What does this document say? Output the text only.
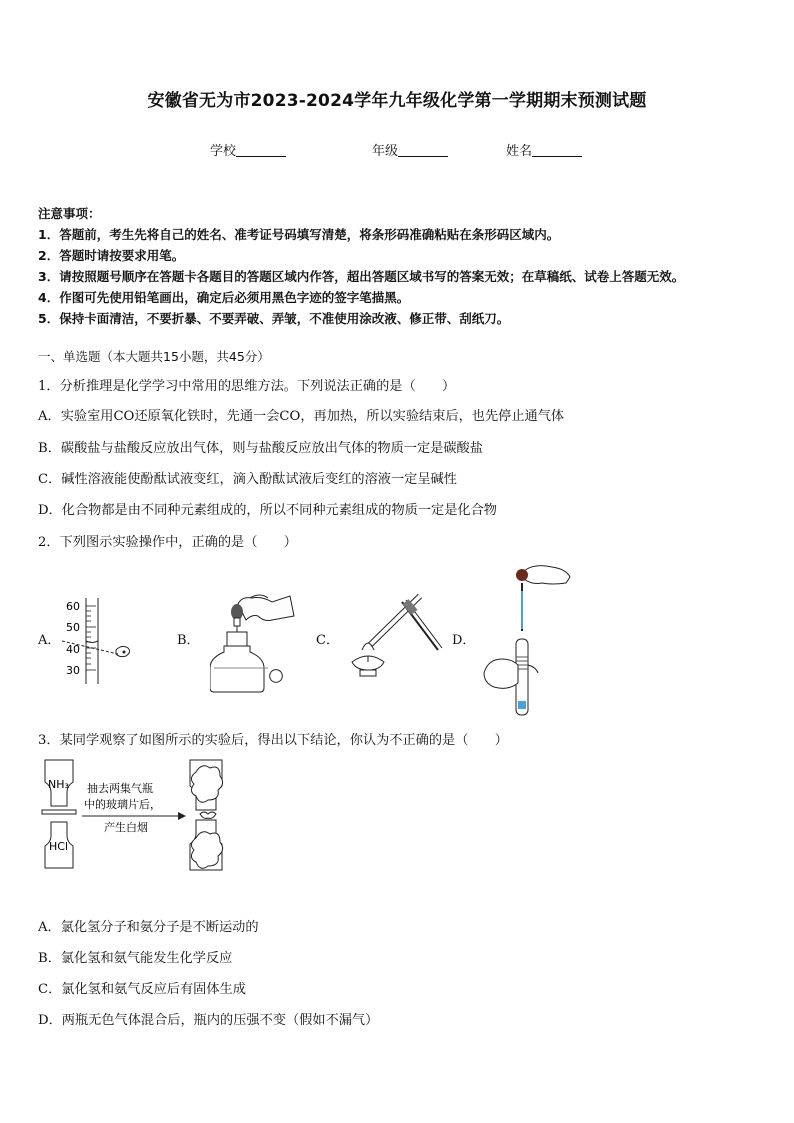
安徽省无为市2023-2024学年九年级化学第一学期期末预测试题
学校	年级	姓名
注意事项：
1．答题前，考生先将自己的姓名、准考证号码填写清楚，将条形码准确粘贴在条形码区域内。
2．答题时请按要求用笔。
3．请按照题号顺序在答题卡各题目的答题区域内作答，超出答题区域书写的答案无效；在草稿纸、试卷上答题无效。
4．作图可先使用铅笔画出，确定后必须用黑色字迹的签字笔描黑。
5．保持卡面清洁，不要折暴、不要弄破、弄皱，不准使用涂改液、修正带、刮纸刀。
一、单选题（本大题共15小题，共45分）
1．分析推理是化学学习中常用的思维方法。下列说法正确的是（　　）
A．实验室用CO还原氧化铁时，先通一会CO，再加热，所以实验结束后，也先停止通气体
B．碳酸盐与盐酸反应放出气体，则与盐酸反应放出气体的物质一定是碳酸盐
C．碱性溶液能使酚酞试液变红，滴入酚酞试液后变红的溶液一定呈碱性
D．化合物都是由不同种元素组成的，所以不同种元素组成的物质一定是化合物
2．下列图示实验操作中，正确的是（　　）
A．	B．	C．	D．
60
50
40
30
3．某同学观察了如图所示的实验后，得出以下结论，你认为不正确的是（　　）
NH₃
HCl
抽去两集气瓶
中的玻璃片后，
产生白烟
A．氯化氢分子和氨分子是不断运动的
B．氯化氢和氨气能发生化学反应
C．氯化氢和氨气反应后有固体生成
D．两瓶无色气体混合后，瓶内的压强不变（假如不漏气）
